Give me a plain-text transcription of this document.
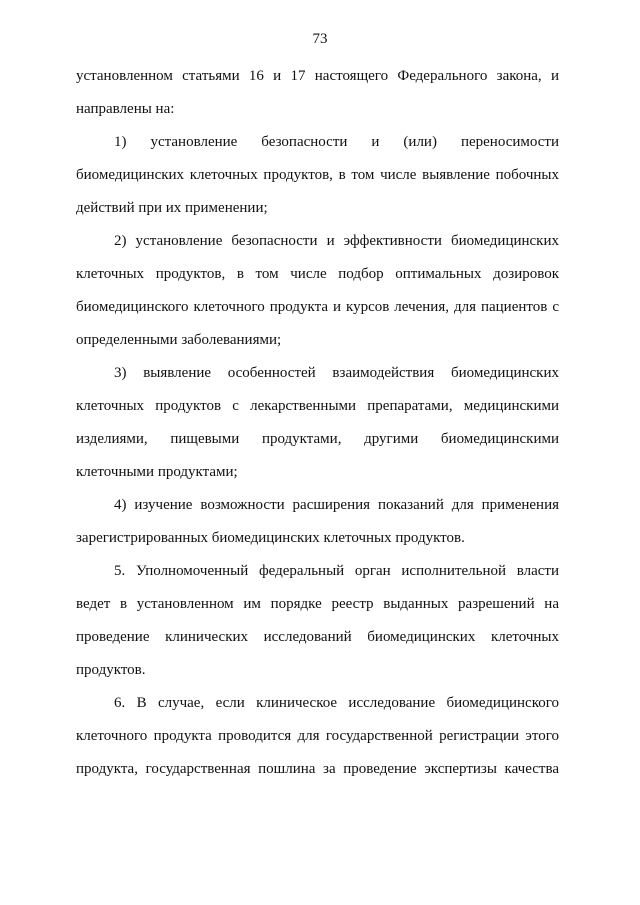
73

установленном статьями 16 и 17 настоящего Федерального закона, и направлены на:

1) установление безопасности и (или) переносимости биомедицинских клеточных продуктов, в том числе выявление побочных действий при их применении;

2) установление безопасности и эффективности биомедицинских клеточных продуктов, в том числе подбор оптимальных дозировок биомедицинского клеточного продукта и курсов лечения, для пациентов с определенными заболеваниями;

3) выявление особенностей взаимодействия биомедицинских клеточных продуктов с лекарственными препаратами, медицинскими изделиями, пищевыми продуктами, другими биомедицинскими клеточными продуктами;

4) изучение возможности расширения показаний для применения зарегистрированных биомедицинских клеточных продуктов.

5. Уполномоченный федеральный орган исполнительной власти ведет в установленном им порядке реестр выданных разрешений на проведение клинических исследований биомедицинских клеточных продуктов.

6. В случае, если клиническое исследование биомедицинского клеточного продукта проводится для государственной регистрации этого продукта, государственная пошлина за проведение экспертизы качества
